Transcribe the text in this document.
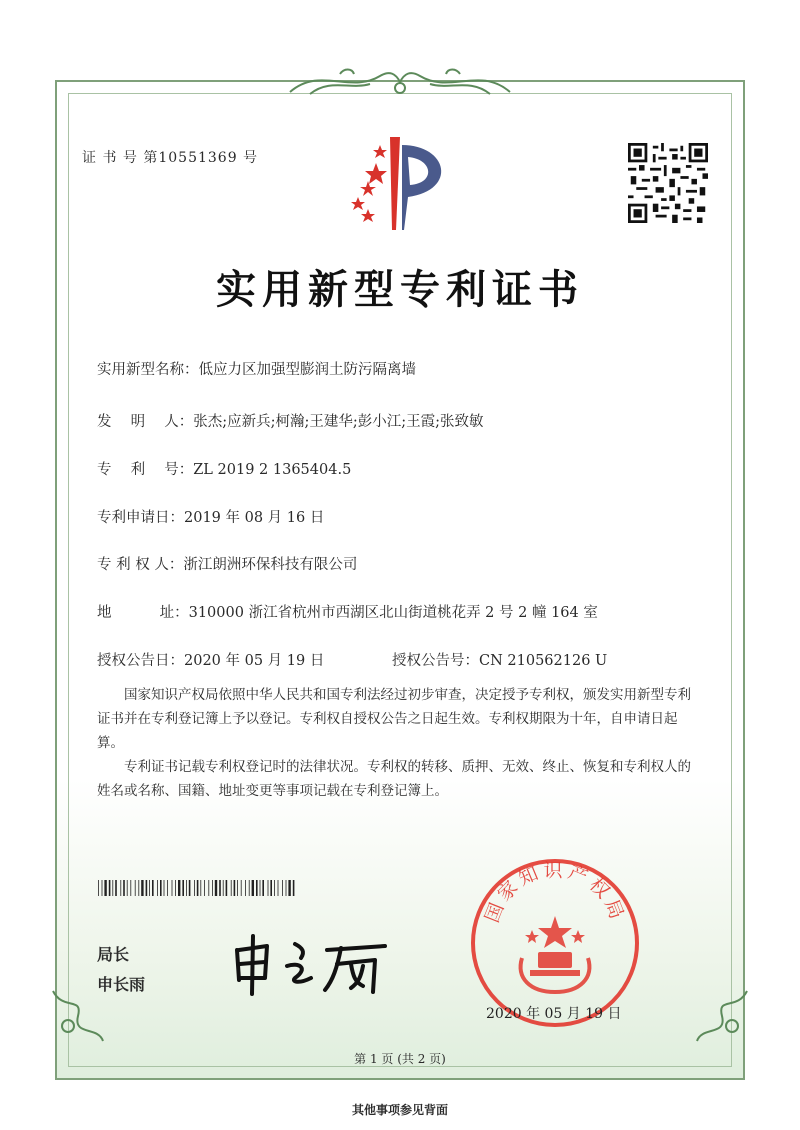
证 书 号 第10551369 号
实用新型专利证书
实用新型名称：低应力区加强型膨润土防污隔离墙
发　 明　 人：张杰;应新兵;柯瀚;王建华;彭小江;王霞;张致敏
专　 利　 号：ZL 2019 2 1365404.5
专利申请日：2019 年 08 月 16 日
专 利 权 人：浙江朗洲环保科技有限公司
地　　　 址：310000 浙江省杭州市西湖区北山街道桃花弄 2 号 2 幢 164 室
授权公告日：2020 年 05 月 19 日	授权公告号：CN 210562126 U

国家知识产权局依照中华人民共和国专利法经过初步审查，决定授予专利权，颁发实用新型专利证书并在专利登记簿上予以登记。专利权自授权公告之日起生效。专利权期限为十年，自申请日起算。

专利证书记载专利权登记时的法律状况。专利权的转移、质押、无效、终止、恢复和专利权人的姓名或名称、国籍、地址变更等事项记载在专利登记簿上。

局长
申长雨
国家知识产权局
2020 年 05 月 19 日
第 1 页 (共 2 页)
其他事项参见背面
